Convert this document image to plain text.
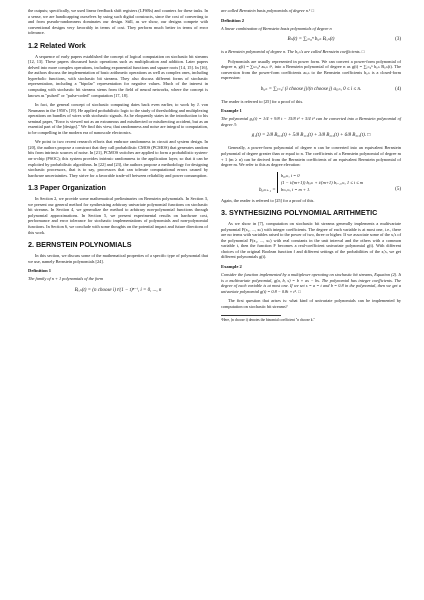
the outputs; specifically, we used linear feedback shift registers (LFSRs) and counters for these tasks. In a sense, we are handicapping ourselves by using such digital constructs, since the cost of converting to and from pseudo-randomness dominates our design. Still, as we show, our designs compete with conventional designs very favorably in terms of cost. They perform much better in terms of error tolerance.

1.2 Related Work

A sequence of early papers established the concept of logical computation on stochastic bit streams [12, 13]. These papers discussed basic operations such as multiplication and addition. Later papers delved into more complex operations, including exponential functions and square roots [14, 15]. In [16], the authors discuss the implementation of basic arithmetic operations as well as complex ones, including hyperbolic functions, with stochastic bit streams. They also discuss different forms of stochastic representation, including a "bipolar" representation for negative values. Much of the interest in computing with stochastic bit streams stems from the field of neural networks, where the concept is known as "pulsed" or "pulse-coded" computation [17, 18].

In fact, the general concept of stochastic computing dates back even earlier, to work by J. von Neumann in the 1950's [19]. He applied probabilistic logic to the study of thresholding and multiplexing operations on bundles of wires with stochastic signals. As he eloquently states in the introduction to his seminal paper, "Error is viewed not as an extraneous and misdirected or misdirecting accident, but as an essential part of the [design]." We find this view, that randomness and noise are integral to computation, to be compelling in the modern era of nanoscale electronics.

We point to two recent research efforts that embrace randomness in circuit and system design. In [20], the authors propose a construct that they call probabilistic CMOS (PCMOS) that generates random bits from intrinsic sources of noise. In [21], PCMOS switches are applied to form a probabilistic system-on-a-chip (PSOC); this system provides intrinsic randomness to the application layer, so that it can be exploited by probabilistic algorithms. In [22] and [23], the authors propose a methodology for designing stochastic processors, that is to say, processors that can tolerate computational errors caused by hardware uncertainties. They strive for a favorable trade-off between reliability and power consumption.

1.3 Paper Organization

In Section 2, we provide some mathematical preliminaries on Bernstein polynomials. In Section 3, we present our general method for synthesizing arbitrary univariate polynomial functions on stochastic bit streams. In Section 4, we generalize the method to arbitrary non-polynomial functions through polynomial approximations. In Section 5, we present experimental results on hardware cost, performance and error tolerance for stochastic implementations of polynomials and non-polynomial functions. In Section 6, we conclude with some thoughts on the potential impact and future directions of this work.

2. BERNSTEIN POLYNOMIALS

In this section, we discuss some of the mathematical properties of a specific type of polynomial that we use, namely Bernstein polynomials [24].

Definition 1

The family of n + 1 polynomials of the form

Bᵢ,ₙ(t) = (n choose i) tⁱ(1 − t)ⁿ⁻ⁱ, i = 0, ..., n

are called Bernstein basis polynomials of degree n.¹ □

Definition 2

A linear combination of Bernstein basis polynomials of degree n

Bₙ(t) = ∑ᵢ₌₀ⁿ bᵢ,ₙ Bᵢ,ₙ(t)	(3)

is a Bernstein polynomial of degree n. The bᵢ,ₙ's are called Bernstein coefficients. □

Polynomials are usually represented in power form. We can convert a power-form polynomial of degree n, g(t) = ∑ₖ₌₀ⁿ aₖ,ₙ tᵏ, into a Bernstein polynomial of degree n as g(t) = ∑ᵢ₌₀ⁿ bᵢ,ₙ Bᵢ,ₙ(t). The conversion from the power-form coefficients aₖ,ₙ to the Bernstein coefficients bᵢ,ₙ is a closed-form expression:

bᵢ,ₙ = ∑ⱼ₌₀ⁱ (i choose j)/(n choose j) aⱼ,ₙ, 0 ≤ i ≤ n.	(4)

The reader is referred to [25] for a proof of this.

Example 1

The polynomial g₁(t) = 1/4 + 9/8 t − 15/8 t² + 5/4 t³ can be converted into a Bernstein polynomial of degree 3:

g₁(t) = 2/8 B₀,₃(t) + 5/8 B₁,₃(t) + 3/8 B₂,₃(t) + 6/8 B₃,₃(t). □

Generally, a power-form polynomial of degree n can be converted into an equivalent Bernstein polynomial of degree greater than or equal to n. The coefficients of a Bernstein polynomial of degree m + 1 (m ≥ n) can be derived from the Bernstein coefficients of an equivalent Bernstein polynomial of degree m. We refer to this as degree elevation:

bᵢ,ₘ₊₁ = b₀,ₘ, i = 0
(1 − i/(m+1)) bᵢ,ₘ + i/(m+1) bᵢ₋₁,ₘ, 1 ≤ i ≤ m
bₘ,ₘ, i = m + 1.	(5)

Again, the reader is referred to [25] for a proof of this.

3. SYNTHESIZING POLYNOMIAL ARITHMETIC

As we show in [7], computation on stochastic bit streams generally implements a multivariate polynomial F(x₁, ..., xₙ) with integer coefficients. The degree of each variable is at most one, i.e., there are no terms with variables raised to the power of two, three or higher. If we associate some of the xᵢ's of the polynomial F(x₁, ..., xₙ) with real constants in the unit interval and the others with a common variable t, then the function F becomes a real-coefficient univariate polynomial g(t). With different choices of the original Boolean function f and different settings of the probabilities of the xᵢ's, we get different polynomials g(t).

Example 2

Consider the function implemented by a multiplexer operating on stochastic bit streams, Equation (2). It is a multivariate polynomial, g(a, b, s) = b + as − bs. The polynomial has integer coefficients. The degree of each variable is at most one. If we set s = a = t and b = 0.8 in the polynomial, then we get a univariate polynomial g(t) = 0.8 − 0.8t + t². □

The first question that arises is: what kind of univariate polynomials can be implemented by computation on stochastic bit streams?

¹Here, (n choose i) denotes the binomial coefficient "n choose k."
